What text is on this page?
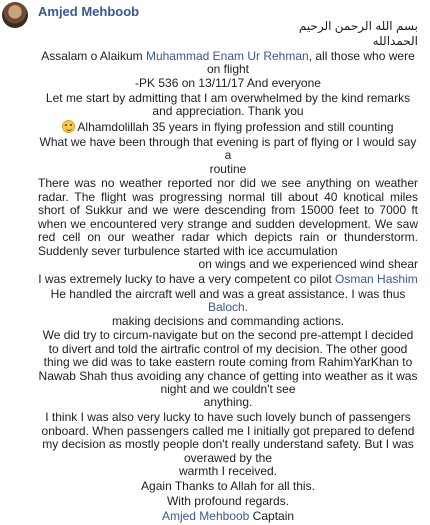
Amjed Mehboob
بسم الله الرحمن الرحيم
الحمدالله
Assalam o Alaikum Muhammad Enam Ur Rehman, all those who were on flight
-PK 536 on 13/11/17 And everyone
Let me start by admitting that I am overwhelmed by the kind remarks and appreciation. Thank you
Alhamdolillah 35 years in flying profession and still counting
What we have been through that evening is part of flying or I would say a
routine
There was no weather reported nor did we see anything on weather radar. The flight was progressing normal till about 40 knotical miles short of Sukkur and we were descending from 15000 feet to 7000 ft when we encountered very strange and sudden development. We saw red cell on our weather radar which depicts rain or thunderstorm. Suddenly sever turbulence started with ice accumulation
on wings and we experienced wind shear
I was extremely lucky to have a very competent co pilot Osman Hashim
He handled the aircraft well and was a great assistance. I was thus Baloch.
making decisions and commanding actions.
We did try to circum-navigate but on the second pre-attempt I decided to divert and told the airtrafic control of my decision. The other good thing we did was to take eastern route coming from RahimYarKhan to Nawab Shah thus avoiding any chance of getting into weather as it was night and we couldn't see
anything.
I think I was also very lucky to have such lovely bunch of passengers onboard. When passengers called me I initially got prepared to defend my decision as mostly people don't really understand safety. But I was overawed by the
warmth I received.
Again Thanks to Allah for all this.
With profound regards.
Amjed Mehboob Captain
